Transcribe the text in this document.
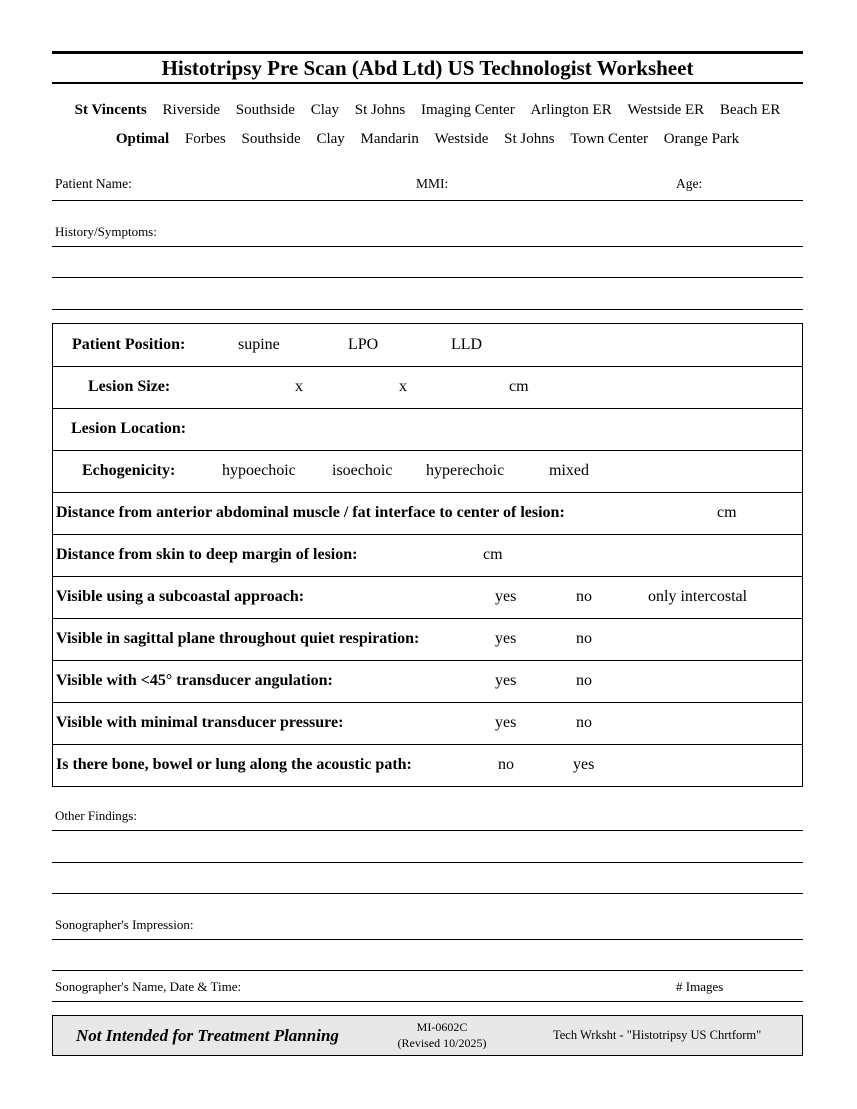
Histotripsy Pre Scan (Abd Ltd) US Technologist Worksheet
St Vincents Riverside Southside Clay St Johns Imaging Center Arlington ER Westside ER Beach ER
Optimal Forbes Southside Clay Mandarin Westside St Johns Town Center Orange Park
Patient Name:	MMI:	Age:
History/Symptoms:
Patient Position:	supine	LPO	LLD
Lesion Size:	x	x	cm
Lesion Location:
Echogenicity:	hypoechoic isoechoic hyperechoic	mixed
Distance from anterior abdominal muscle / fat interface to center of lesion:	cm
Distance from skin to deep margin of lesion:	cm
Visible using a subcoastal approach:	yes	no	only intercostal
Visible in sagittal plane throughout quiet respiration:	yes	no
Visible with <45° transducer angulation:	yes	no
Visible with minimal transducer pressure:	yes	no
Is there bone, bowel or lung along the acoustic path:	no	yes
Other Findings:
Sonographer's Impression:
Sonographer's Name, Date & Time:	# Images
Not Intended for Treatment Planning	MI-0602C
(Revised 10/2025)
Tech Wrksht - "Histotripsy US Chrtform"
